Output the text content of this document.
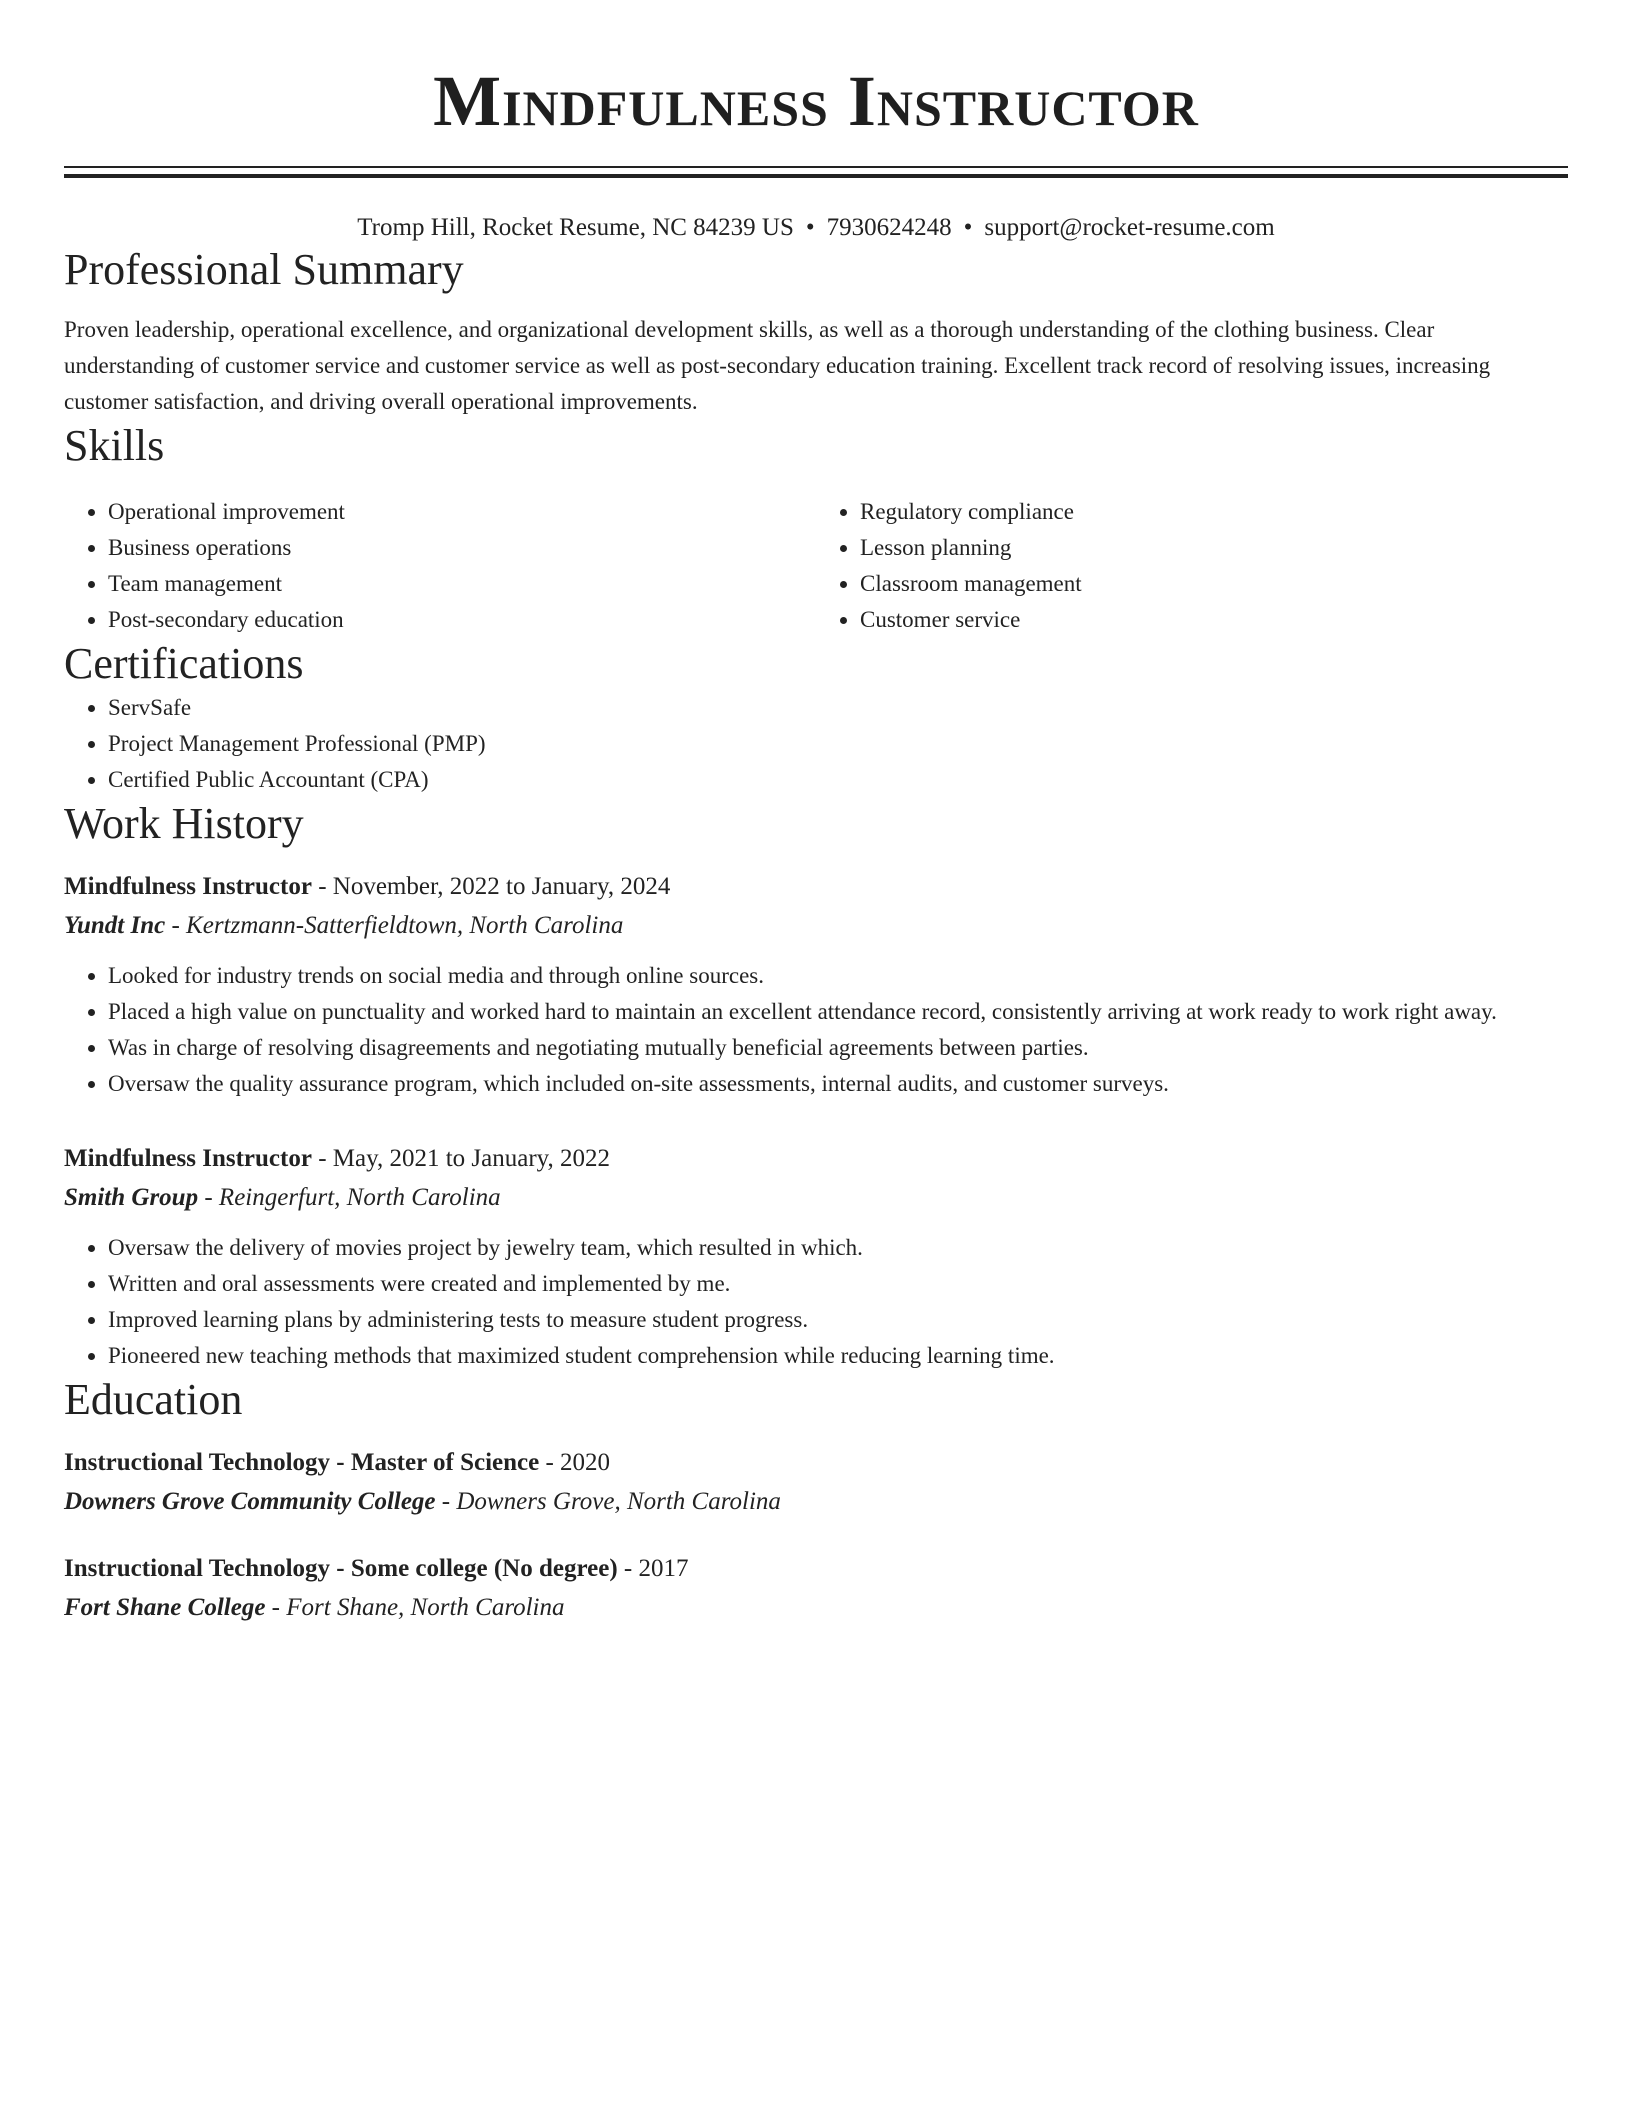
Mindfulness Instructor
Tromp Hill, Rocket Resume, NC 84239 US • 7930624248 • support@rocket-resume.com
Professional Summary

Proven leadership, operational excellence, and organizational development skills, as well as a thorough understanding of the clothing business. Clear understanding of customer service and customer service as well as post-secondary education training. Excellent track record of resolving issues, increasing customer satisfaction, and driving overall operational improvements.

Skills
• Operational improvement
• Business operations
• Team management
• Post-secondary education
• Regulatory compliance
• Lesson planning
• Classroom management
• Customer service
Certifications
• ServSafe
• Project Management Professional (PMP)
• Certified Public Accountant (CPA)
Work History
Mindfulness Instructor - November, 2022 to January, 2024
Yundt Inc - Kertzmann-Satterfieldtown, North Carolina
• Looked for industry trends on social media and through online sources.
• Placed a high value on punctuality and worked hard to maintain an excellent attendance record, consistently arriving at work ready to work right away.
• Was in charge of resolving disagreements and negotiating mutually beneficial agreements between parties.
• Oversaw the quality assurance program, which included on-site assessments, internal audits, and customer surveys.
Mindfulness Instructor - May, 2021 to January, 2022
Smith Group - Reingerfurt, North Carolina
• Oversaw the delivery of movies project by jewelry team, which resulted in which.
• Written and oral assessments were created and implemented by me.
• Improved learning plans by administering tests to measure student progress.
• Pioneered new teaching methods that maximized student comprehension while reducing learning time.
Education
Instructional Technology - Master of Science - 2020
Downers Grove Community College - Downers Grove, North Carolina
Instructional Technology - Some college (No degree) - 2017
Fort Shane College - Fort Shane, North Carolina
